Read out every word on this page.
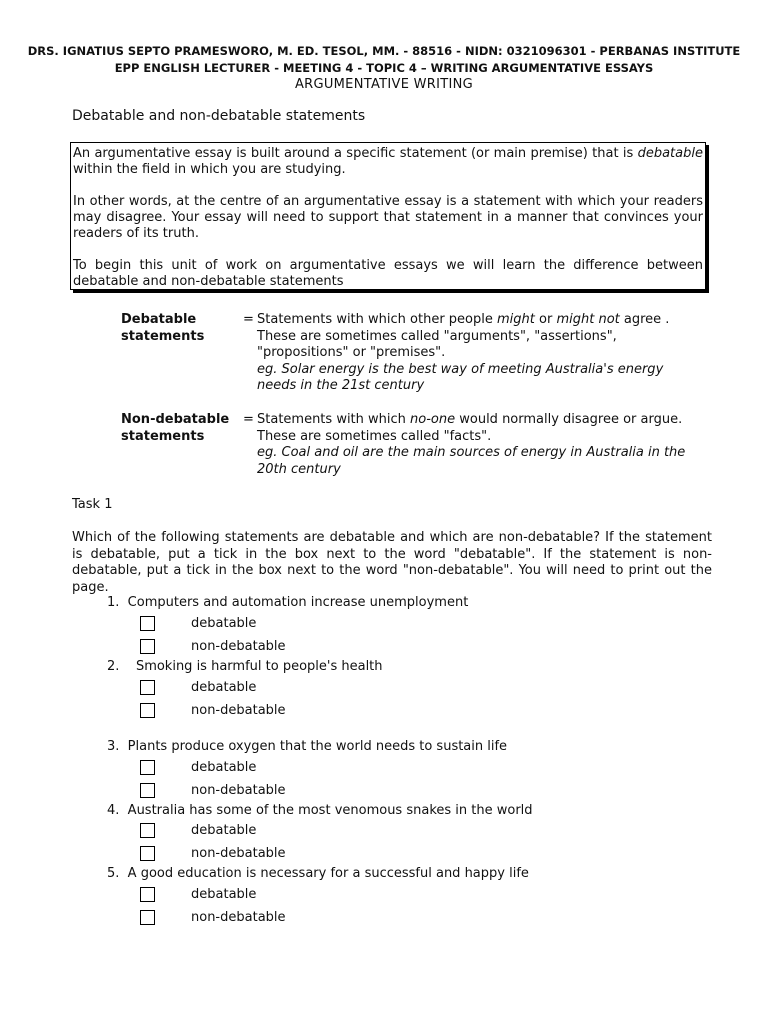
DRS. IGNATIUS SEPTO PRAMESWORO, M. ED. TESOL, MM. - 88516 - NIDN: 0321096301 - PERBANAS INSTITUTE
EPP ENGLISH LECTURER - MEETING 4 - TOPIC 4 – WRITING ARGUMENTATIVE ESSAYS
ARGUMENTATIVE WRITING
Debatable and non-debatable statements

An argumentative essay is built around a specific statement (or main premise) that is debatable within the field in which you are studying.

In other words, at the centre of an argumentative essay is a statement with which your readers may disagree. Your essay will need to support that statement in a manner that convinces your readers of its truth.

To begin this unit of work on argumentative essays we will learn the difference between debatable and non-debatable statements

Debatable statements
= Statements with which other people might or might not agree .
These are sometimes called "arguments", "assertions", "propositions" or "premises".
eg. Solar energy is the best way of meeting Australia's energy needs in the 21st century
Non-debatable statements
= Statements with which no-one would normally disagree or argue. These are sometimes called "facts".
eg. Coal and oil are the main sources of energy in Australia in the 20th century
Task 1
Which of the following statements are debatable and which are non-debatable? If the statement is debatable, put a tick in the box next to the word "debatable". If the statement is non-debatable, put a tick in the box next to the word "non-debatable". You will need to print out the page.
1. Computers and automation increase unemployment
debatable
non-debatable
2. Smoking is harmful to people's health
debatable
non-debatable
3. Plants produce oxygen that the world needs to sustain life
debatable
non-debatable
4. Australia has some of the most venomous snakes in the world
debatable
non-debatable
5. A good education is necessary for a successful and happy life
debatable
non-debatable
